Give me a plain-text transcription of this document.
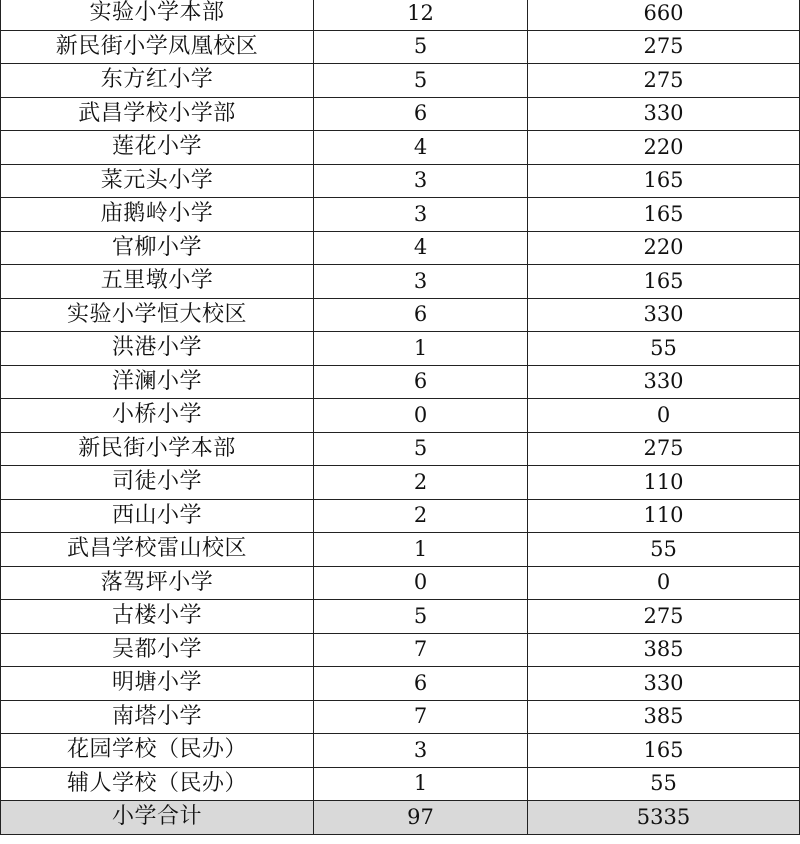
实验小学本部	12	660
新民街小学凤凰校区	5	275
东方红小学	5	275
武昌学校小学部	6	330
莲花小学	4	220
菜元头小学	3	165
庙鹅岭小学	3	165
官柳小学	4	220
五里墩小学	3	165
实验小学恒大校区	6	330
洪港小学	1	55
洋澜小学	6	330
小桥小学	0	0
新民街小学本部	5	275
司徒小学	2	110
西山小学	2	110
武昌学校雷山校区	1	55
落驾坪小学	0	0
古楼小学	5	275
吴都小学	7	385
明塘小学	6	330
南塔小学	7	385
花园学校（民办）	3	165
辅人学校（民办）	1	55
小学合计	97	5335
